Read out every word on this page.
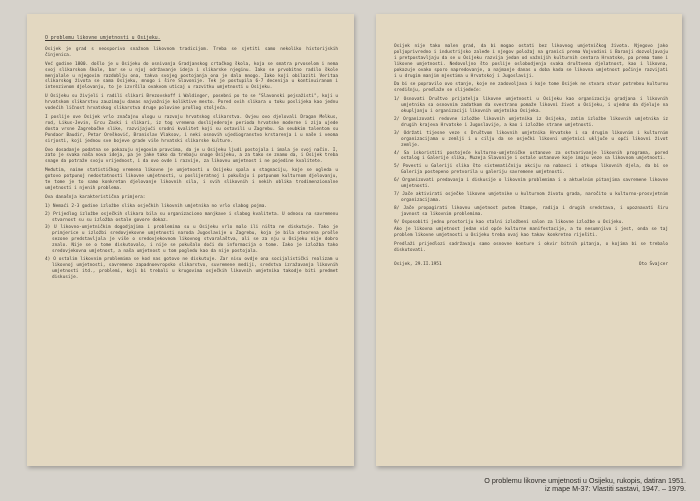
O problemu likovne umjetnosti u Osijeku.

Osijek je grad s neosporivo snažnom likovnom tradicijom. Treba se sjetiti samo nekoliko historijskih činjenica.

Već godine 1800. došlo je u Osijeku do osnivanja Gradjanskog crtačkog škola, koja se smatra prvoselom i nema svoj slikarskom škole, bar se u njoj održavanje ideja i slikarske njeginu. Iako se prvobitno radilo škole menjalale u njegovim razdoblju ona, takva svojeg postojanja ona je dala mnogo. Iako koji obilaziti Veritaa slikarskog života se sama Osijeku, mnogo i šire Slavonije. Tek je postupila 6-7 decenija u kontinuiranom i intenzivnom djelovanju, to je izvršila ovakvom uticaj u razvitku umjetnosti u Osijeku.

U Osijeku su živjeli i radili slikari Brezovskoff i Waldinger, posebni po to se "Slavonski pejsažisti", koji u hrvatskom slikarstvu zauzimaju danas najvažnije koliktive mesto. Pored ovih slikara u toku poslijeka kao jednu vodećih ličnost hrvatskog slikarstva druge polovine prošlog stoljeća.

I poslije ove Osijek vrlo značajnu ulogu u razvoju hrvatskog slikarstva. Ovjeu ovo djelovali Dragan Melkus, rod, Likus-Jevin, Ercu Zaski i slikari, iz tog vremena doslijederoje perioda hrvatske moderne i zija ujede dosta vrsne Zagrebačke slike, razvijajući srodni kvalitet koji su ostavili u Zagrebu. Sa seubkim talentom su Pondaor Baudir, Petar Orešković, Branislav Vlaksov, i neki osnovih ujediogranstvo krstarenja i u naše i veoma sirjosti, koji jednou sve bojeve grade više hrvatski slikarske kulture.

Ovo dosadanje podatna se pokazuju njegovim pravcima, da je u Osijeku ljudi postojala i imala je svoj način. I, zato je svaka naša nova ideja, pa je jake tako da trebaju snage Osijeku, a za tako se znamo da, i Osijek treba snage da potraže svoju vrijednost, i da ovo ovde i razvije, za likovnu umjetnost i ne pojedine kvalitete.

Međutim, naime statističkog vremena likovne je umjetnosti u Osijeku spala u stagnaciju, koje se ogleda u gotovo potpunoj nedostatnosti likovne umjetnosti, u poslijeratnoj i pokušaju i potpunom kulturnom djelovanju, te tome je to samo konkretan djelovanje likovnih sila, i svih slikovnih i nekih oblika trodimenzionalne umjetnosti i njenih problema.

Ova današnja karakteristična primjera:

1) Nemaći 2-3 godine izložbe slika osječkih likovnih umjetnika no vrlo slabog pojma.
2) Prijedlog izložbe osječkih slikara bila su organizaciono manjkave i slabog kvaliteta. U odnosu na savremenu stvarnost su su izložba ostale govore dokaz.
3) U likovno-umjetničkim dogodjajima i problemima su u Osijeku vrlo malo ili ništa ne diskutuje. Tako je primjerice u izložbi sredovjekovne umjetnosti naroda Jugoslavije u Zagrebu, koja je bila otvorena prošle sezone predstavljala je više o sredovjekovnom likovnog stvaralaštva, ali se za nju u Osijeku nije dobro znalo. Nije se o tome diskutovalo, i nije se pokušalo doći do informacija o tome. Iako je izložba tako sredovjekovna umjetnost, a naša umjetnost u tom pogledu kao da nije postojala.
4) O ostalim likovnim problemima se kod nas gotovo ne diskutuje. Zar nisu ovdje ona socijalistički realizam u likovnoj umjetnosti, savremeno zapadnoevropsko slikarstvo, suvremene mediji, sredstva izražavanja likovnih umjetnosti itd., problemi, koji bi trebali u krugovima osječkih likovnih umjetnika takodje biti predmet diskusije.

Osijek nije tako malen grad, da bi mogao ostati bez likovnog umjetničkog života. Njegovo jako poljoprivredno i industrijsko zaleđe i njegov položaj na granici prema Vojvodini i Baranji dozvoljavaju i pretpostavljaju da se u Osijeku razvija jedan od važnijih kulturnih centara Hrvatske, pa prema tome i likovne umjetnosti. Nedovoljno što poslije oslobodjenja svaka društvena djelatnost, kao i likovna, pokazuje ovako sporo napredovanje, a najmanje danas u doba kada se likovna umjetnost počinje razvijati i u drugim manjim mjestima u Hrvatskoj i Jugoslaviji.

Da bi se popravilo ovo stanje, koje ne zadovoljava i koje tome Osijek ne stvara stvar potrebnu kulturnu središnju, predlaže se slijedeće:

1/ Osnovati Društvo prijatelja likovne umjetnosti u Osijeku kao organizaciju gradjana i likovnih umjetnika sa osnovnim zadatkom da svestrano pomaže likovni život u Osijeku, i ujedno da djeluje na okupljanju i organizaciji likovnih umjetnika Osijeka.
2/ Organizovati redovne izložbe likovnih umjetnika iz Osijeka, zatim izložbe likovnih umjetnika iz drugih krajeva Hrvatske i Jugoslavije, a kao i izložbe strane umjetnosti.
3/ Održati tijesne veze s Društvom likovnih umjetnika Hrvatske i sa drugim likovnim i kulturnim organizacijama u zemlji i u cilju da se osječki likovni umjetnici uključe u opći likovni život zemlje.
4/ Sa iskoristiti postojeće kulturno-umjetničke ustanove za ostvarivanje likovnih programa, pored ostalog i Galerije slika, Muzeja Slavonije i ostale ustanove koje imaju veze sa likovnom umjetnosti.
5/ Povesti u Galeriji slika što sistematičniju akciju na nabavci i otkupu likovnih djela, da bi se Galerija postepeno pretvorila u galeriju savremene umjetnosti.
6/ Organizovati predavanja i diskusije o likovnim problemima i o aktuelnim pitanjima savremene likovne umjetnosti.
7/ Jače aktivirati osječke likovne umjetnike u kulturnom životu grada, naročito u kulturno-prosvjetnim organizacijama.
8/ Jače propagirati likovnu umjetnost putem štampe, radija i drugih sredstava, i upoznavati širu javnost sa likovnim problemima.
9/ Osposobiti jednu prostoriju kao stalni izložbeni salon za likovne izložbe u Osijeku.

Ako je likovna umjetnost jedan vid opće kulturne manifestacije, a to nesumnjivo i jest, onda se taj problem likovne umjetnosti u Osijeku treba ovaj kao takav konkretno riješiti.

Predlaži prijedlozi sadržavaju samo osnovne konture i okvir bitnih pitanja, o kojima bi se trebalo diskutovati.

Osijek, 29.II.1951	Oto Švajcer
O problemu likovne umjetnosti u Osijeku, rukopis, datiran 1951.
iz mape M-37: Vlastiti sastavi, 1947. – 1979.
